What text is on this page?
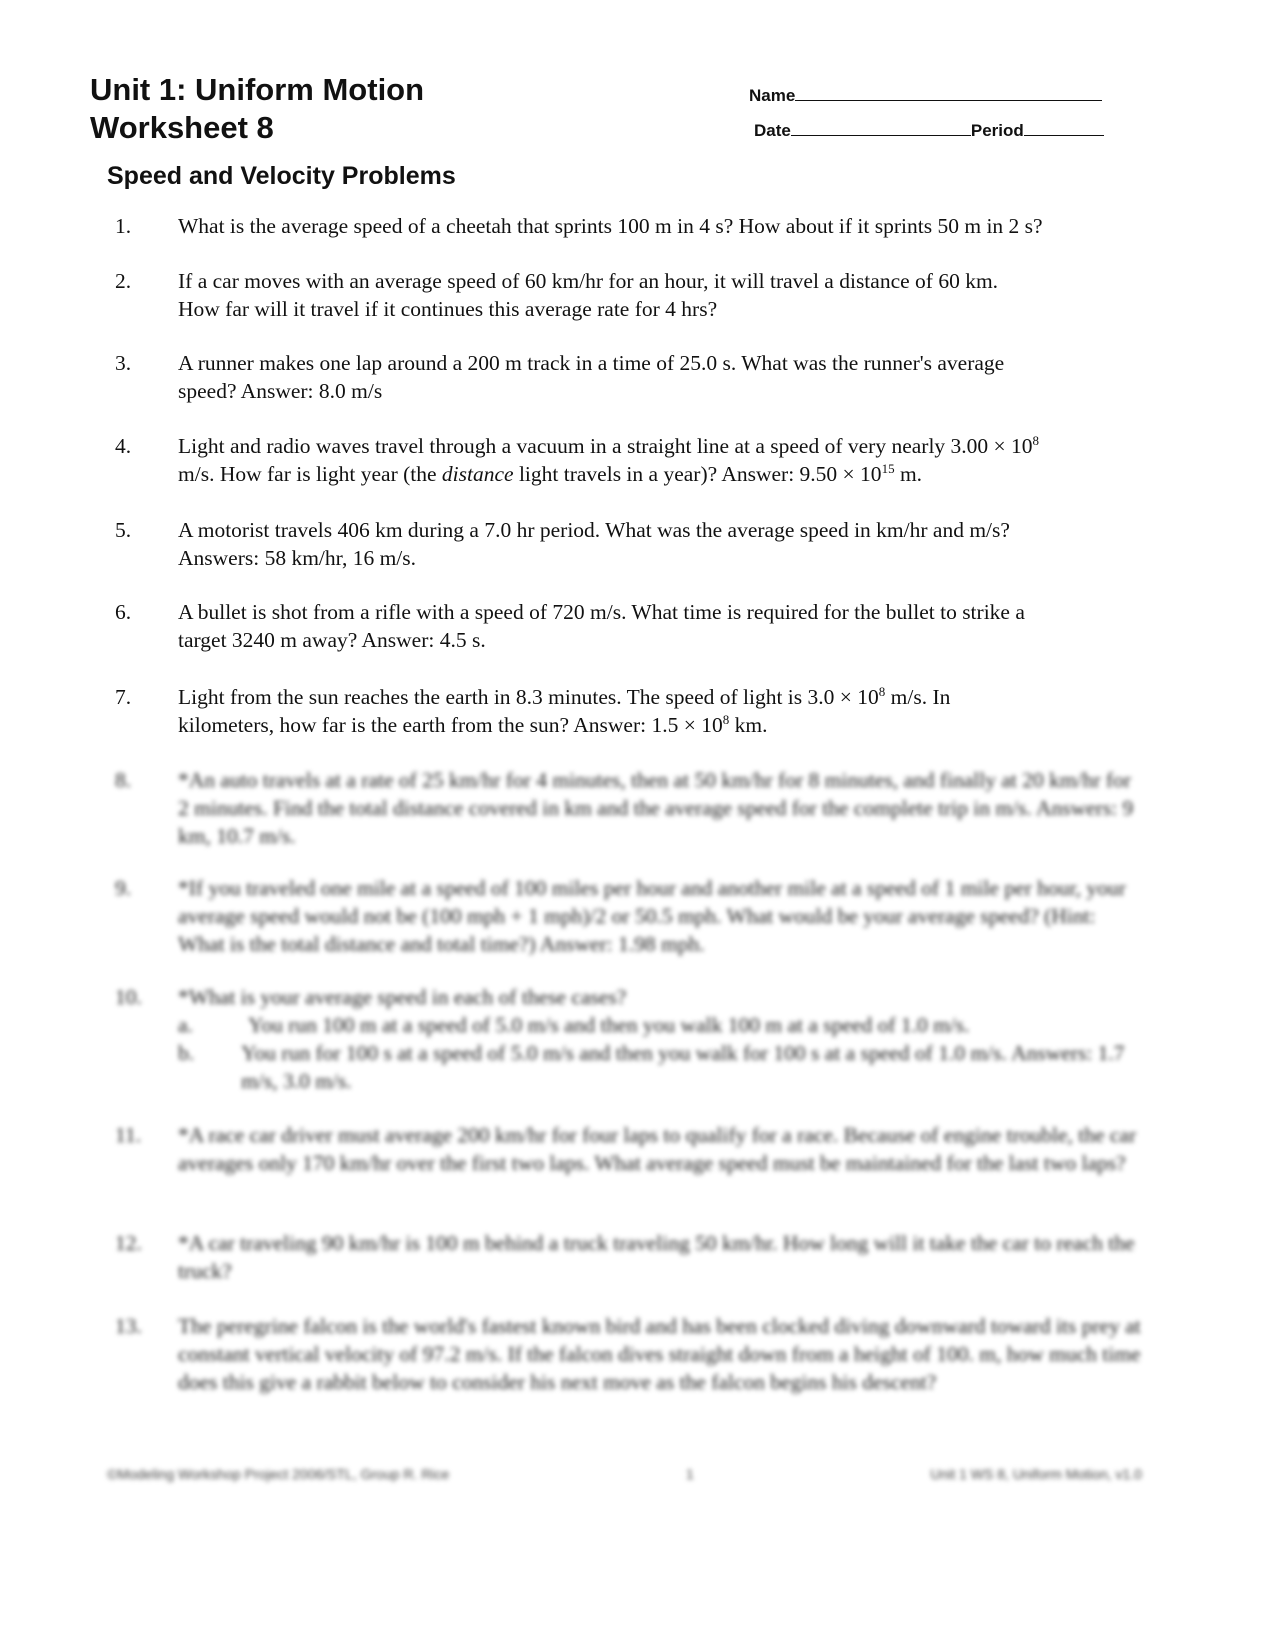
Unit 1: Uniform Motion
Worksheet 8
Name
Date	Period
Speed and Velocity Problems
1. What is the average speed of a cheetah that sprints 100 m in 4 s? How about if it sprints 50 m in 2 s?
2. If a car moves with an average speed of 60 km/hr for an hour, it will travel a distance of 60 km.
How far will it travel if it continues this average rate for 4 hrs?
3. A runner makes one lap around a 200 m track in a time of 25.0 s. What was the runner's average
speed? Answer: 8.0 m/s
4. Light and radio waves travel through a vacuum in a straight line at a speed of very nearly $3.00 \times 10^8$
m/s. How far is light year (the distance light travels in a year)? Answer: $9.50 \times 10^{15}$ m.
5. A motorist travels 406 km during a 7.0 hr period. What was the average speed in km/hr and m/s?
Answers: 58 km/hr, 16 m/s.
6. A bullet is shot from a rifle with a speed of 720 m/s. What time is required for the bullet to strike a
target 3240 m away? Answer: 4.5 s.
7. Light from the sun reaches the earth in 8.3 minutes. The speed of light is $3.0 \times 10^8$ m/s. In
kilometers, how far is the earth from the sun? Answer: $1.5 \times 10^8$ km.
8. *An auto travels at a rate of 25 km/hr for 4 minutes, then at 50 km/hr for 8 minutes, and finally at 20 km/hr for 2 minutes. Find the total distance covered in km and the average speed for the complete trip in m/s. Answers: 9 km, 10.7 m/s.
9. *If you traveled one mile at a speed of 100 miles per hour and another mile at a speed of 1 mile per hour, your average speed would not be (100 mph + 1 mph)/2 or 50.5 mph. What would be your average speed? (Hint: What is the total distance and total time?) Answer: 1.98 mph.
10. *What is your average speed in each of these cases?
a.	You run 100 m at a speed of 5.0 m/s and then you walk 100 m at a speed of 1.0 m/s.
b.	You run for 100 s at a speed of 5.0 m/s and then you walk for 100 s at a speed of 1.0 m/s. Answers: 1.7 m/s, 3.0 m/s.
11. *A race car driver must average 200 km/hr for four laps to qualify for a race. Because of engine trouble, the car averages only 170 km/hr over the first two laps. What average speed must be maintained for the last two laps?
12. *A car traveling 90 km/hr is 100 m behind a truck traveling 50 km/hr. How long will it take the car to reach the truck?
13. The peregrine falcon is the world's fastest known bird and has been clocked diving downward toward its prey at constant vertical velocity of 97.2 m/s. If the falcon dives straight down from a height of 100. m, how much time does this give a rabbit below to consider his next move as the falcon begins his descent?
©Modeling Workshop Project 2006/STL, Group R. Rice	1	Unit 1 WS 8, Uniform Motion, v1.0
